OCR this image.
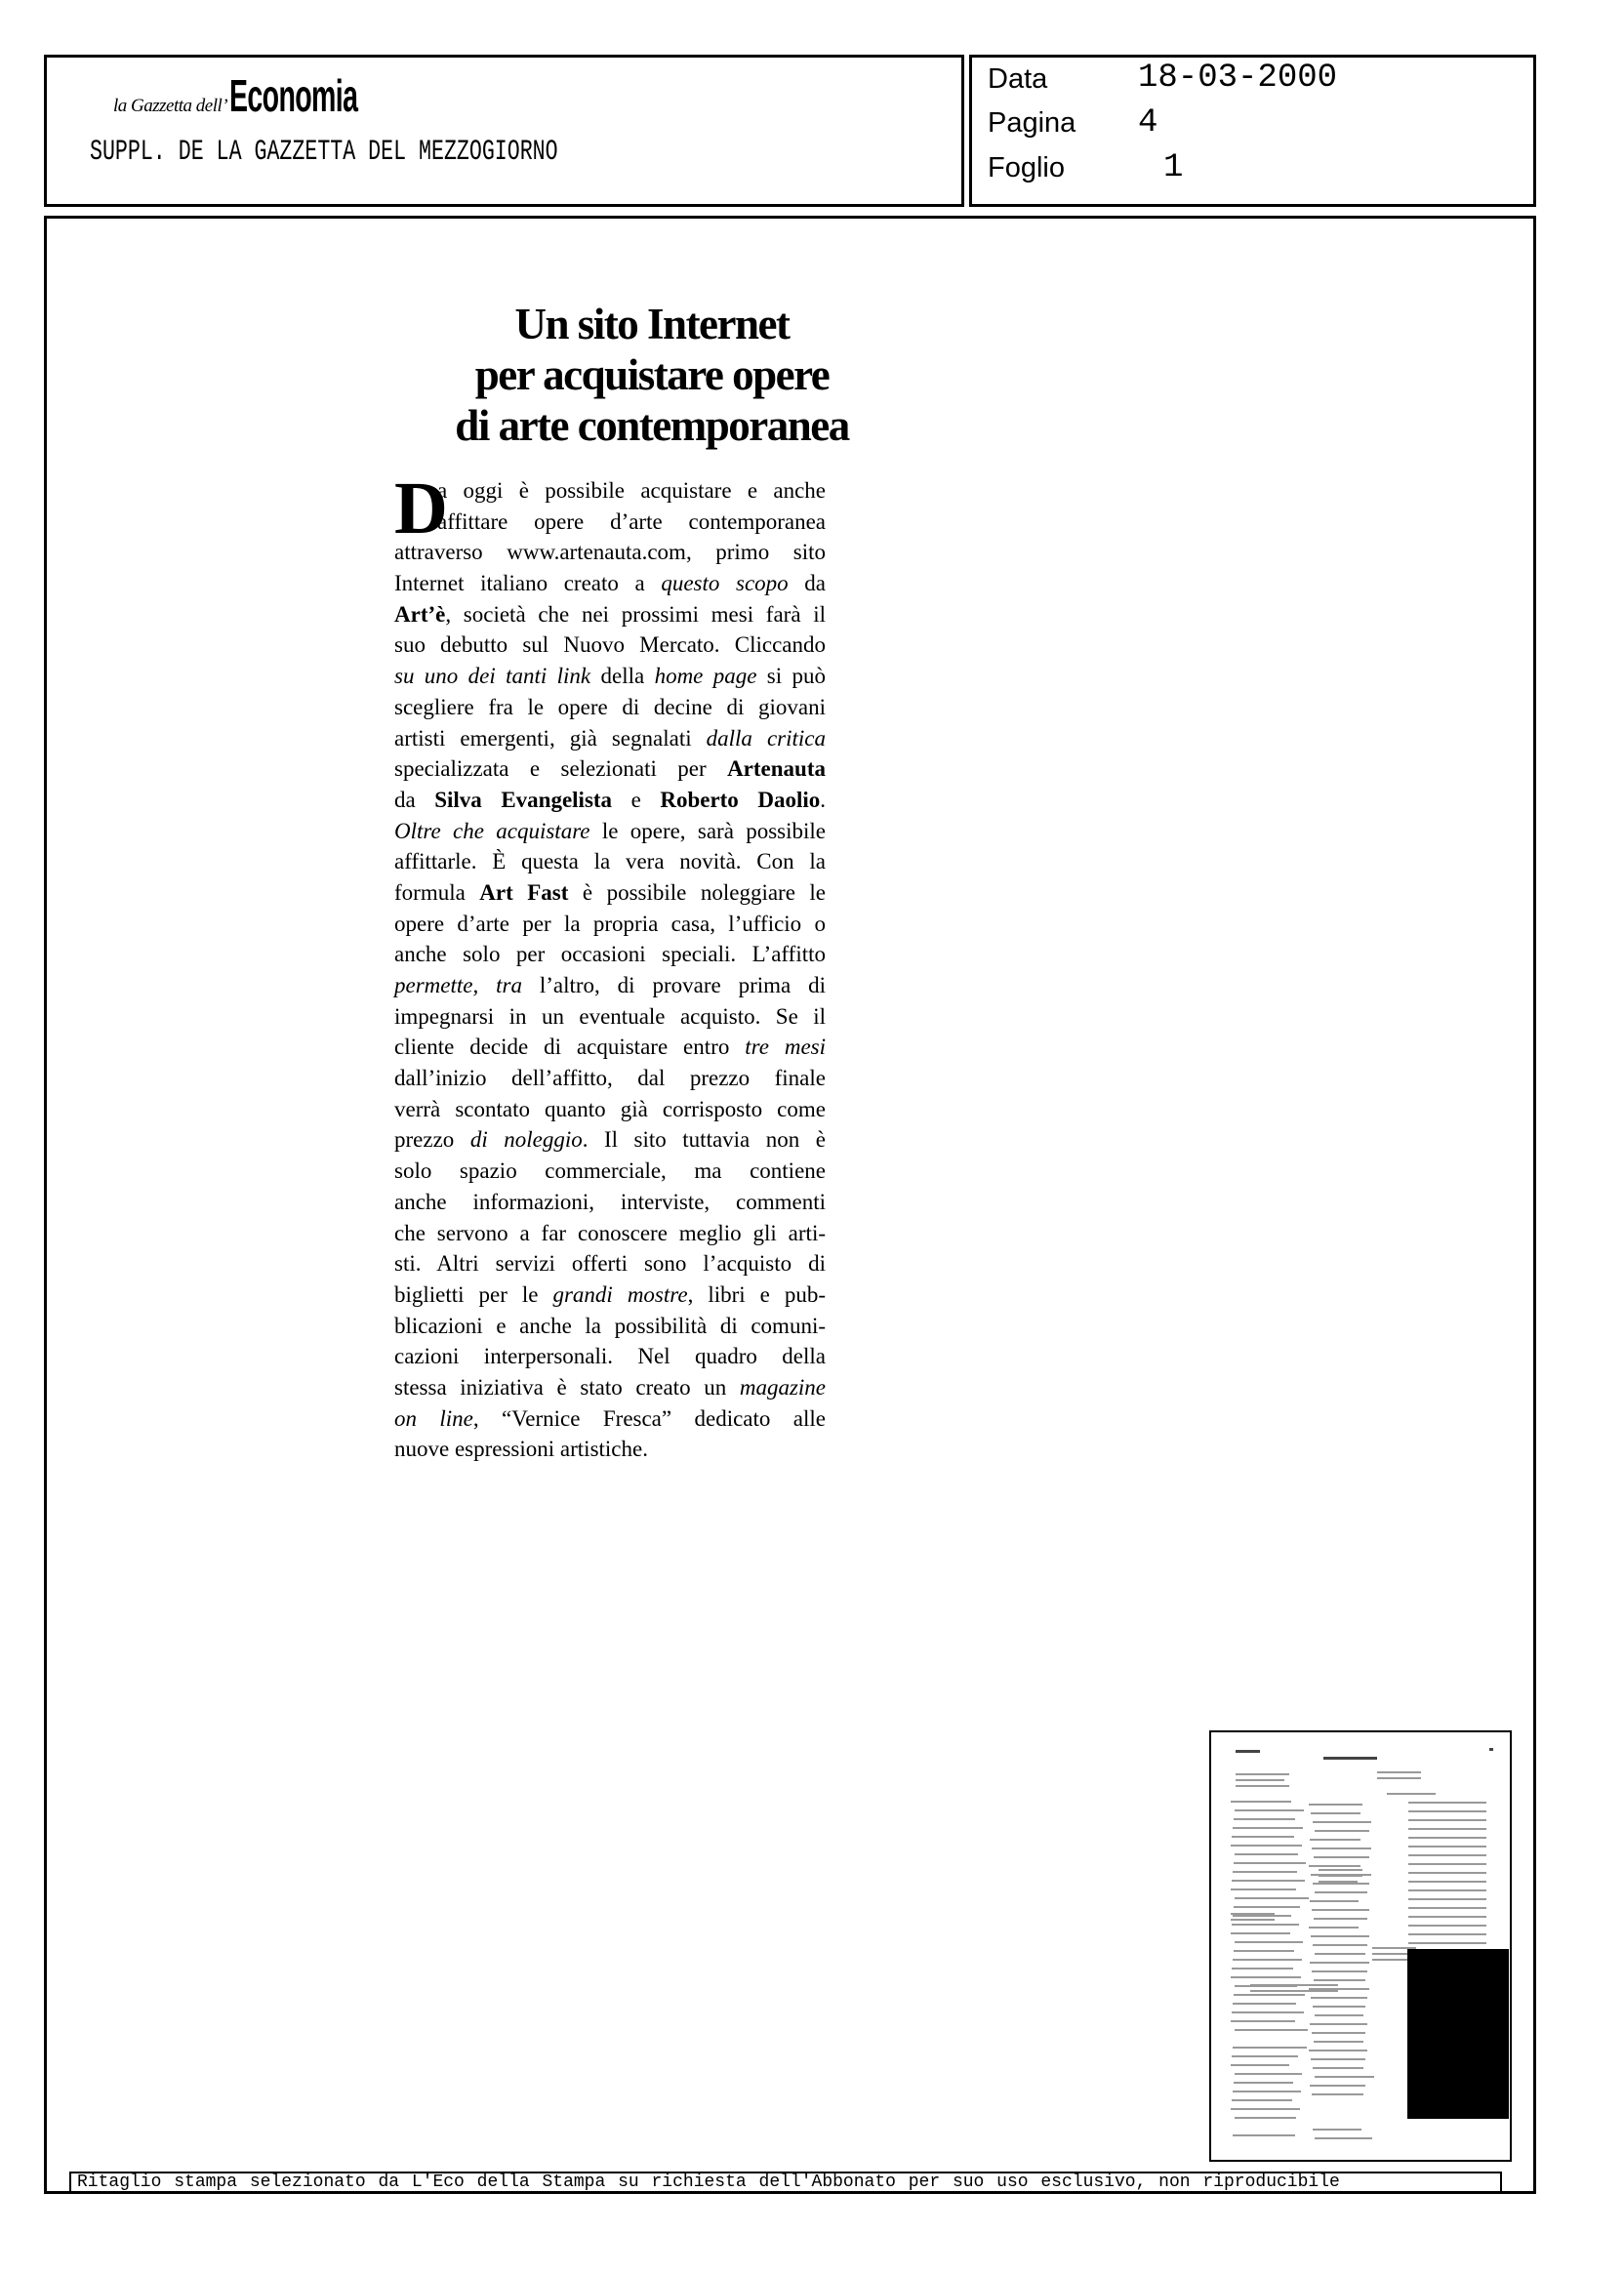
la Gazzetta dell’Economia
SUPPL. DE LA GAZZETTA DEL MEZZOGIORNO
Data	18-03-2000
Pagina 4
Foglio	1
Un sito Internet
per acquistare opere
di arte contemporanea
D
a oggi è possibile acquistare e anche
affittare opere d’arte contemporanea
attraverso www.artenauta.com, primo sito
Internet italiano creato a questo scopo da
Art’è, società che nei prossimi mesi farà il
suo debutto sul Nuovo Mercato. Cliccando
su uno dei tanti link della home page si può
scegliere fra le opere di decine di giovani
artisti emergenti, già segnalati dalla critica
specializzata e selezionati per Artenauta
da Silva Evangelista e Roberto Daolio.
Oltre che acquistare le opere, sarà possibile
affittarle. È questa la vera novità. Con la
formula Art Fast è possibile noleggiare le
opere d’arte per la propria casa, l’ufficio o
anche solo per occasioni speciali. L’affitto
permette, tra l’altro, di provare prima di
impegnarsi in un eventuale acquisto. Se il
cliente decide di acquistare entro tre mesi
dall’inizio dell’affitto, dal prezzo finale
verrà scontato quanto già corrisposto come
prezzo di noleggio. Il sito tuttavia non è
solo spazio commerciale, ma contiene
anche informazioni, interviste, commenti
che servono a far conoscere meglio gli arti-
sti. Altri servizi offerti sono l’acquisto di
biglietti per le grandi mostre, libri e pub-
blicazioni e anche la possibilità di comuni-
cazioni interpersonali. Nel quadro della
stessa iniziativa è stato creato un magazine
on line, “Vernice Fresca” dedicato alle
nuove espressioni artistiche.
Ritaglio stampa selezionato da L'Eco della Stampa su richiesta dell'Abbonato per suo uso esclusivo, non riproducibile
